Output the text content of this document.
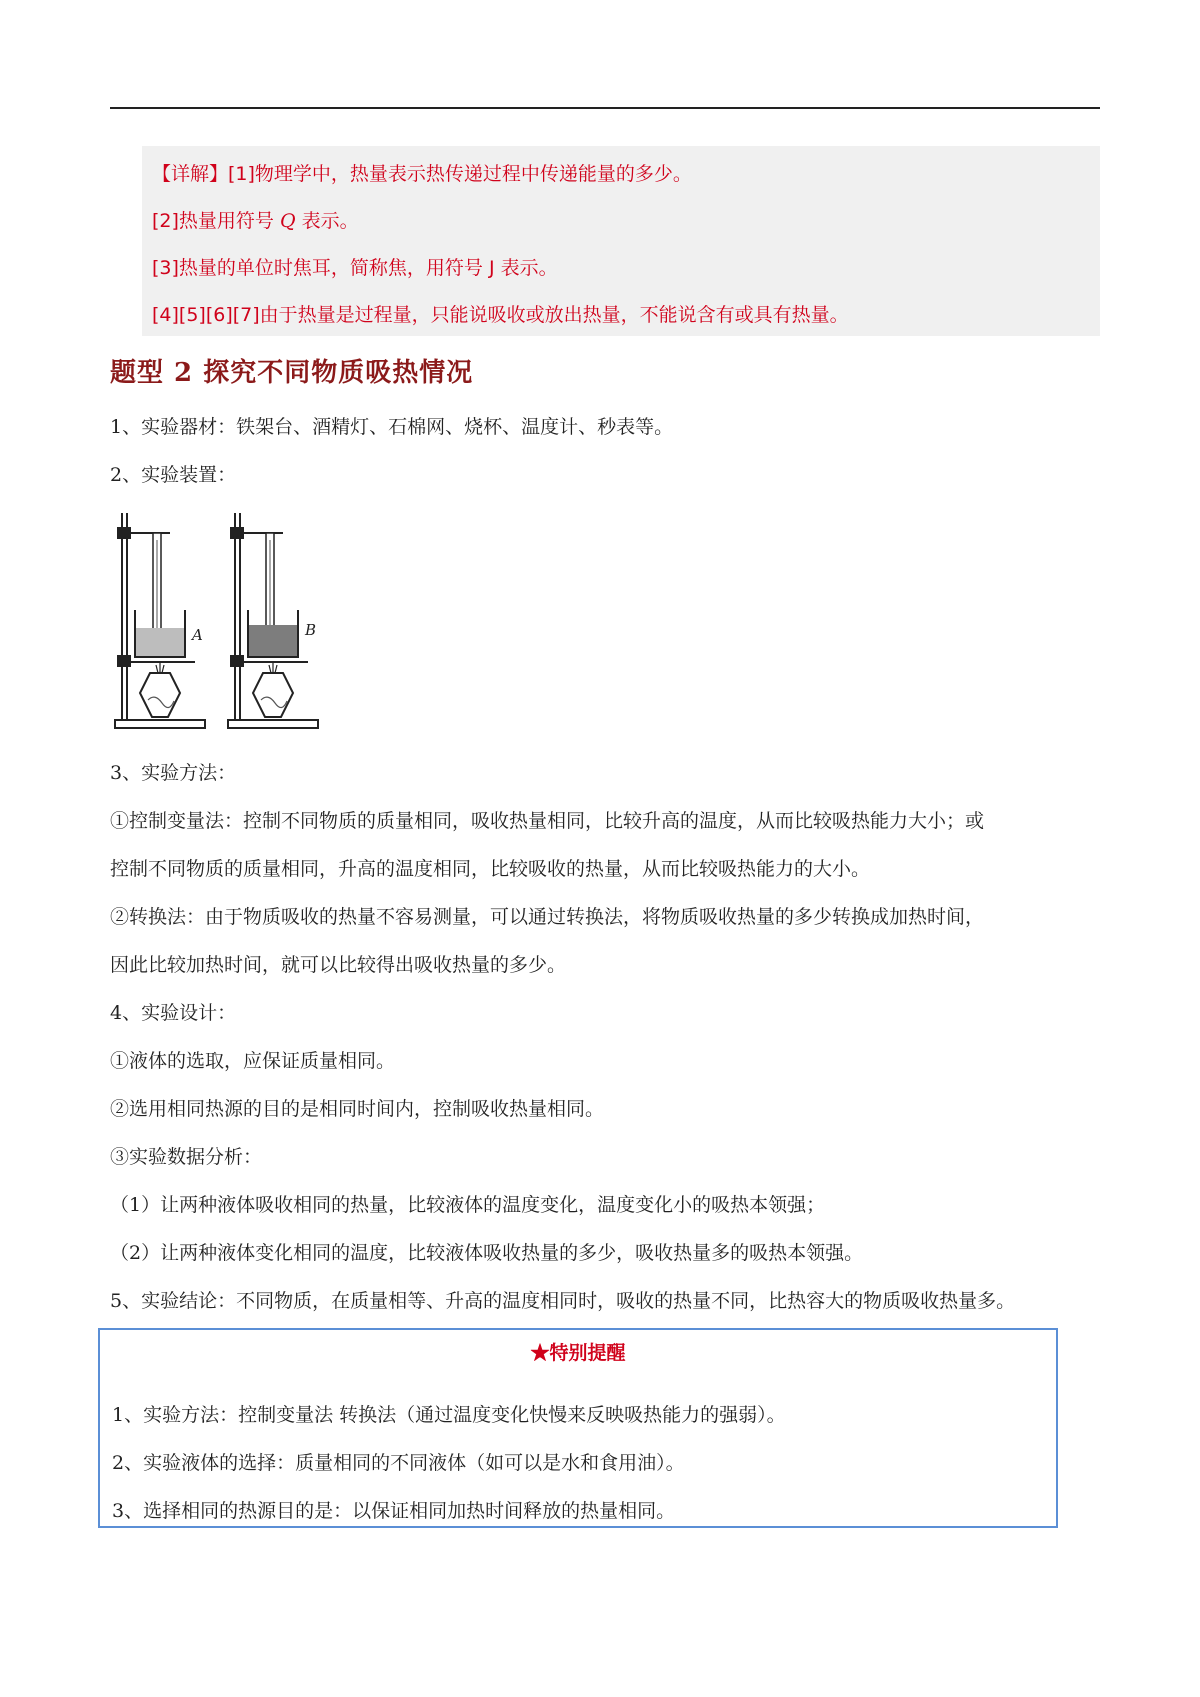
【详解】[1]物理学中，热量表示热传递过程中传递能量的多少。
[2]热量用符号 Q 表示。
[3]热量的单位时焦耳，简称焦，用符号 J 表示。
[4][5][6][7]由于热量是过程量，只能说吸收或放出热量，不能说含有或具有热量。
题型 2 探究不同物质吸热情况
1、实验器材：铁架台、酒精灯、石棉网、烧杯、温度计、秒表等。
2、实验装置：
A	B
3、实验方法：
①控制变量法：控制不同物质的质量相同，吸收热量相同，比较升高的温度，从而比较吸热能力大小；或
控制不同物质的质量相同，升高的温度相同，比较吸收的热量，从而比较吸热能力的大小。
②转换法：由于物质吸收的热量不容易测量，可以通过转换法，将物质吸收热量的多少转换成加热时间，
因此比较加热时间，就可以比较得出吸收热量的多少。
4、实验设计：
①液体的选取，应保证质量相同。
②选用相同热源的目的是相同时间内，控制吸收热量相同。
③实验数据分析：
（1）让两种液体吸收相同的热量，比较液体的温度变化，温度变化小的吸热本领强；
（2）让两种液体变化相同的温度，比较液体吸收热量的多少，吸收热量多的吸热本领强。
5、实验结论：不同物质，在质量相等、升高的温度相同时，吸收的热量不同，比热容大的物质吸收热量多。
★特别提醒
1、实验方法：控制变量法 转换法（通过温度变化快慢来反映吸热能力的强弱）。
2、实验液体的选择：质量相同的不同液体（如可以是水和食用油）。
3、选择相同的热源目的是：以保证相同加热时间释放的热量相同。
